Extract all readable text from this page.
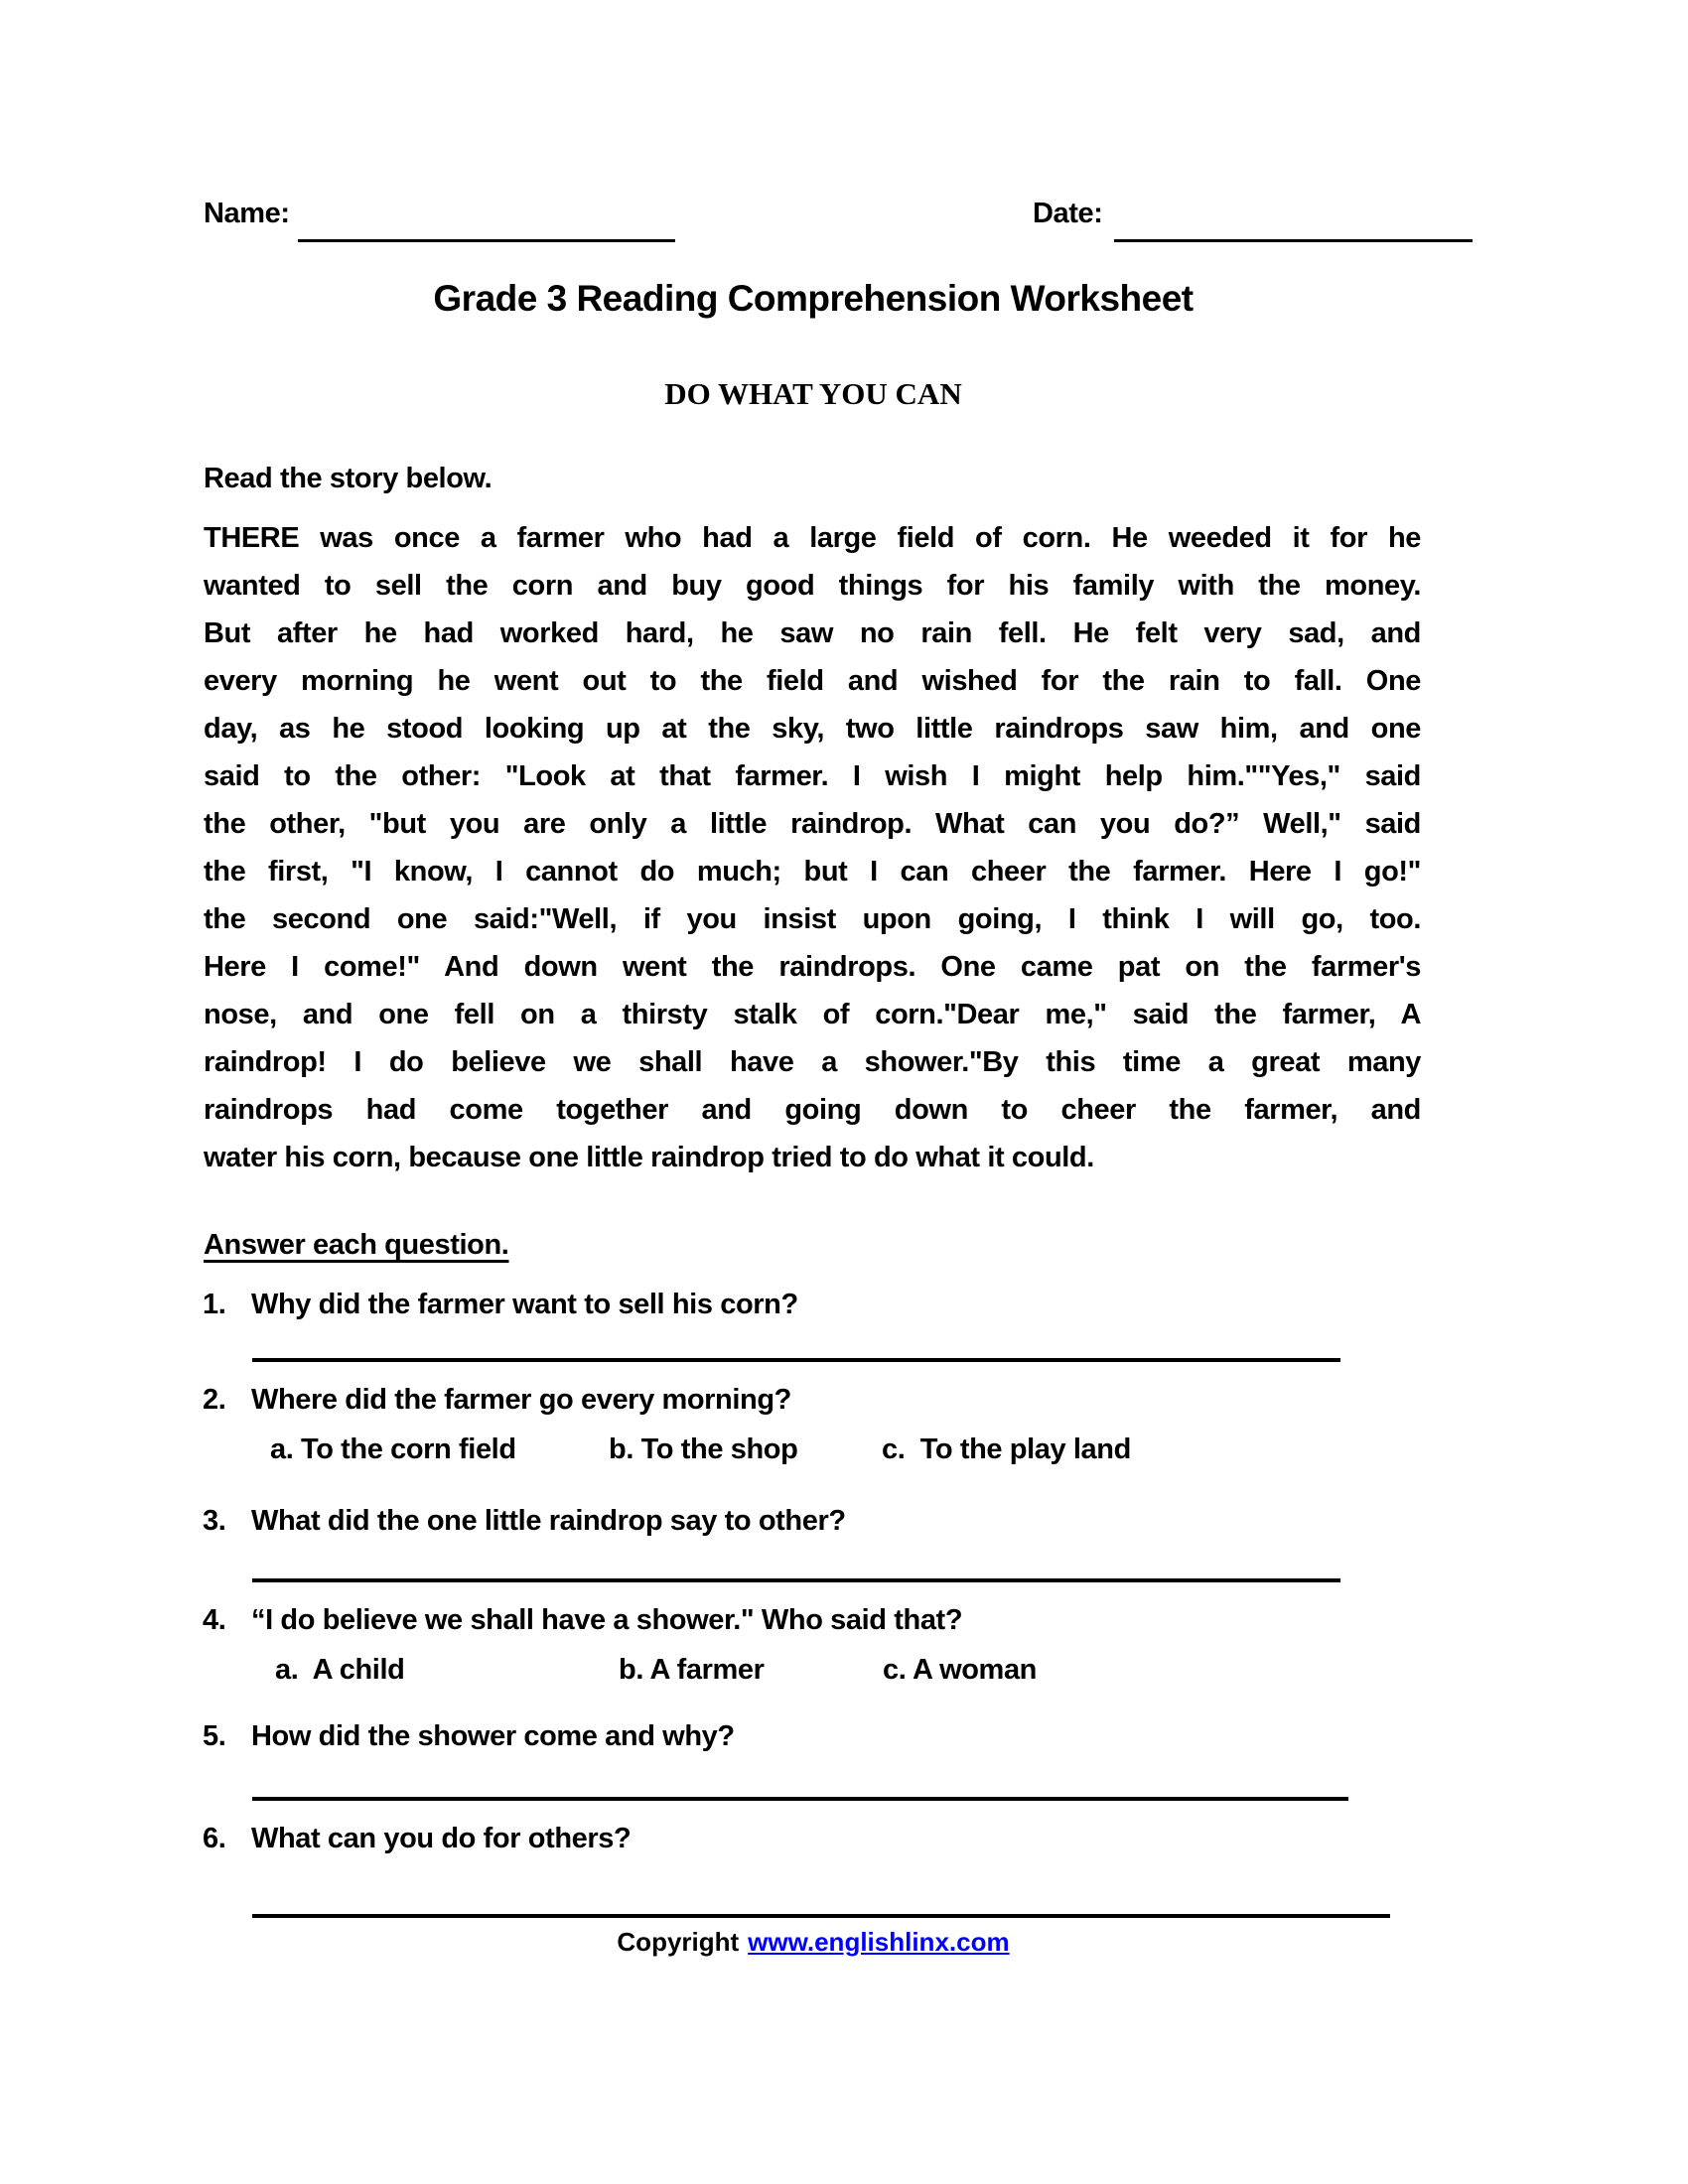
Name:	Date:
Grade 3 Reading Comprehension Worksheet
DO WHAT YOU CAN
Read the story below.
THERE was once a farmer who had a large field of corn. He weeded it for he
wanted to sell the corn and buy good things for his family with the money.
But after he had worked hard, he saw no rain fell. He felt very sad, and
every morning he went out to the field and wished for the rain to fall. One
day, as he stood looking up at the sky, two little raindrops saw him, and one
said to the other: "Look at that farmer. I wish I might help him.""Yes," said
the other, "but you are only a little raindrop. What can you do?” Well," said
the first, "I know, I cannot do much; but I can cheer the farmer. Here I go!"
the second one said:"Well, if you insist upon going, I think I will go, too.
Here I come!" And down went the raindrops. One came pat on the farmer's
nose, and one fell on a thirsty stalk of corn."Dear me," said the farmer, A
raindrop! I do believe we shall have a shower."By this time a great many
raindrops had come together and going down to cheer the farmer, and
water his corn, because one little raindrop tried to do what it could.
Answer each question.
1. Why did the farmer want to sell his corn?
2. Where did the farmer go every morning?
a. To the corn field	b. To the shop	c.  To the play land
3. What did the one little raindrop say to other?
4. “I do believe we shall have a shower." Who said that?
a.  A child	b. A farmer	c. A woman
5. How did the shower come and why?
6. What can you do for others?
Copyright www.englishlinx.com
